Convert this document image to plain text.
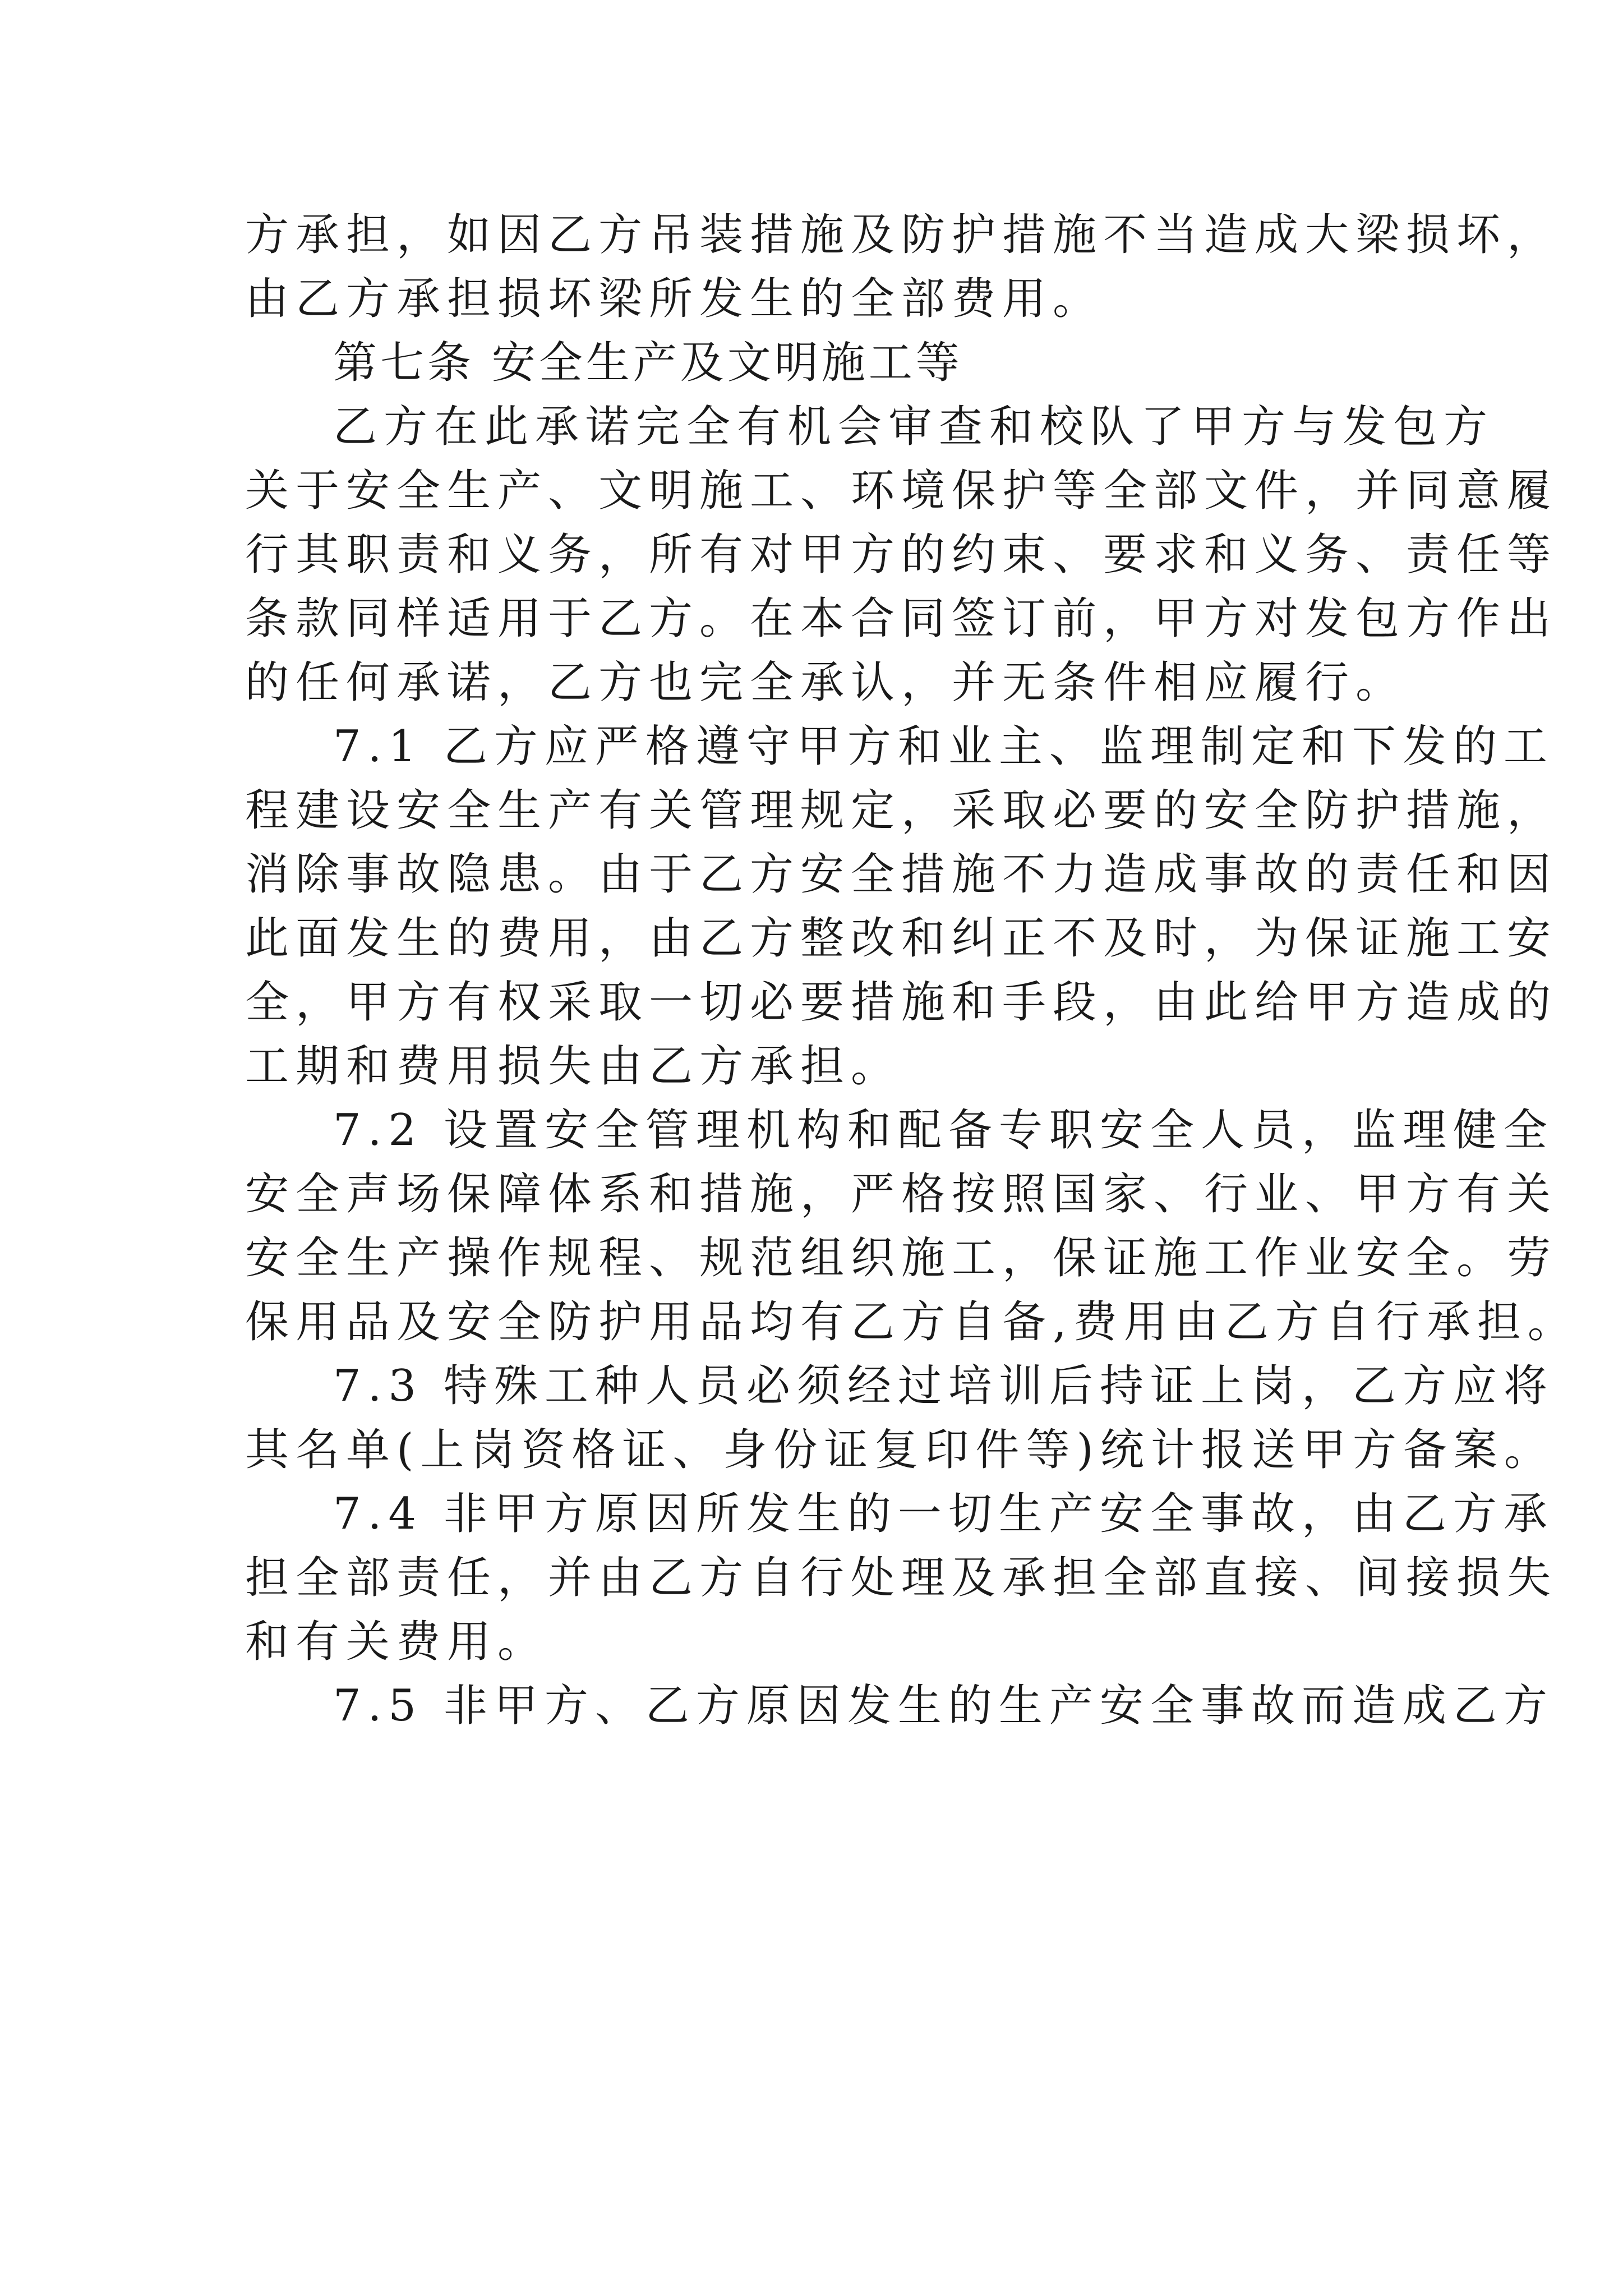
方承担，如因乙方吊装措施及防护措施不当造成大梁损坏，
由乙方承担损坏梁所发生的全部费用。
第七条 安全生产及文明施工等
乙方在此承诺完全有机会审查和校队了甲方与发包方
关于安全生产、文明施工、环境保护等全部文件，并同意履
行其职责和义务，所有对甲方的约束、要求和义务、责任等
条款同样适用于乙方。在本合同签订前，甲方对发包方作出
的任何承诺，乙方也完全承认，并无条件相应履行。
7.1 乙方应严格遵守甲方和业主、监理制定和下发的工
程建设安全生产有关管理规定，采取必要的安全防护措施，
消除事故隐患。由于乙方安全措施不力造成事故的责任和因
此面发生的费用，由乙方整改和纠正不及时，为保证施工安
全，甲方有权采取一切必要措施和手段，由此给甲方造成的
工期和费用损失由乙方承担。
7.2 设置安全管理机构和配备专职安全人员，监理健全
安全声场保障体系和措施，严格按照国家、行业、甲方有关
安全生产操作规程、规范组织施工，保证施工作业安全。劳
保用品及安全防护用品均有乙方自备,费用由乙方自行承担。
7.3 特殊工种人员必须经过培训后持证上岗，乙方应将
其名单(上岗资格证、身份证复印件等)统计报送甲方备案。
7.4 非甲方原因所发生的一切生产安全事故，由乙方承
担全部责任，并由乙方自行处理及承担全部直接、间接损失
和有关费用。
7.5 非甲方、乙方原因发生的生产安全事故而造成乙方
